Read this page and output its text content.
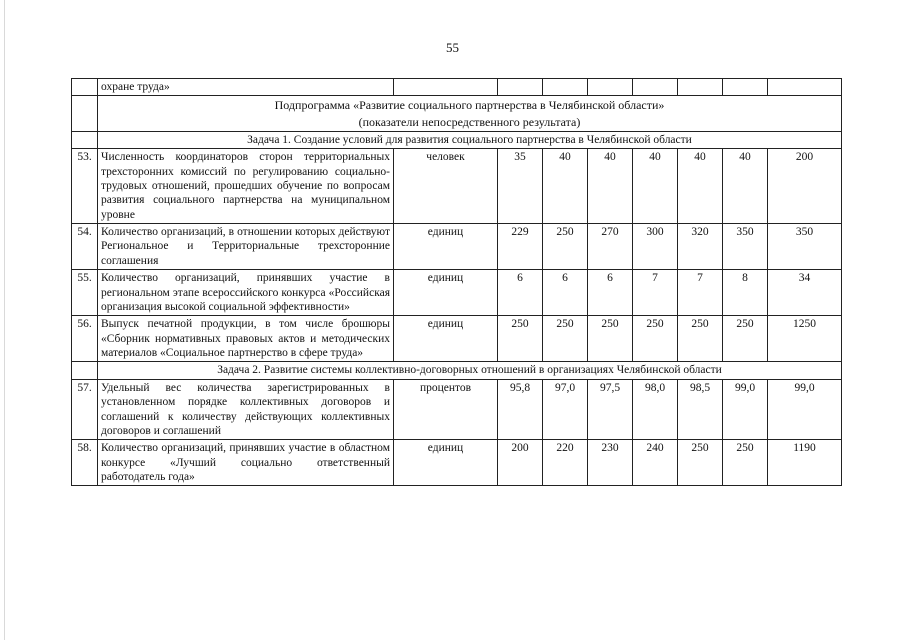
55
	охране труда»								

	Подпрограмма «Развитие социального партнерства в Челябинской области»
(показатели непосредственного результата)								

	Задача 1. Создание условий для развития социального партнерства в Челябинской области								
53.	Численность координаторов сторон территориальных трехсторонних комиссий по регулированию социально-трудовых отношений, прошедших обучение по вопросам развития социального партнерства на муниципальном уровне	человек	35	40	40	40	40	40	200
54.	Количество организаций, в отношении которых действуют Региональное и Территориальные трехсторонние соглашения	единиц	229	250	270	300	320	350	350
55.	Количество организаций, принявших участие в региональном этапе всероссийского конкурса «Российская организация высокой социальной эффективности»	единиц	6	6	6	7	7	8	34
56.	Выпуск печатной продукции, в том числе брошюры «Сборник нормативных правовых актов и методических материалов «Социальное партнерство в сфере труда»	единиц	250	250	250	250	250	250	1250
	Задача 2. Развитие системы коллективно-договорных отношений в организациях Челябинской области								
57.	Удельный вес количества зарегистрированных в установленном порядке коллективных договоров и соглашений к количеству действующих коллективных договоров и соглашений	процентов	95,8	97,0	97,5	98,0	98,5	99,0	99,0
58.	Количество организаций, принявших участие в областном конкурсе «Лучший социально ответственный работодатель года»	единиц	200	220	230	240	250	250	1190
